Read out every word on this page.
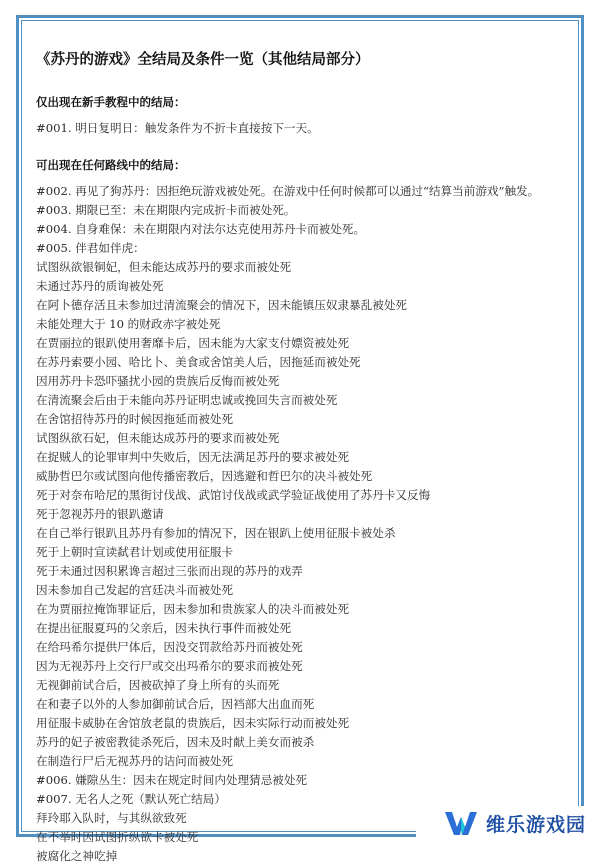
《苏丹的游戏》全结局及条件一览（其他结局部分）
仅出现在新手教程中的结局：
#001. 明日复明日：触发条件为不折卡直接按下一天。
可出现在任何路线中的结局：
#002. 再见了狗苏丹：因拒绝玩游戏被处死。在游戏中任何时候都可以通过“结算当前游戏”触发。
#003. 期限已至：未在期限内完成折卡而被处死。
#004. 自身难保：未在期限内对法尔达克使用苏丹卡而被处死。
#005. 伴君如伴虎：
试图纵欲银铜妃，但未能达成苏丹的要求而被处死
未通过苏丹的质询被处死
在阿卜德存活且未参加过清流聚会的情况下，因未能镇压奴隶暴乱被处死
未能处理大于 10 的财政赤字被处死
在贾丽拉的银趴使用奢靡卡后，因未能为大家支付嫖资被处死
在苏丹索要小园、哈比卜、美食或舍馆美人后，因拖延而被处死
因用苏丹卡恐吓骚扰小园的贵族后反悔而被处死
在清流聚会后由于未能向苏丹证明忠诚或挽回失言而被处死
在舍馆招待苏丹的时候因拖延而被处死
试图纵欲石妃，但未能达成苏丹的要求而被处死
在捉贼人的论罪审判中失败后，因无法满足苏丹的要求被处死
威胁哲巴尔或试图向他传播密教后，因逃避和哲巴尔的决斗被处死
死于对奈布哈尼的黑街讨伐战、武馆讨伐战或武学验证战使用了苏丹卡又反悔
死于忽视苏丹的银趴邀请
在自己举行银趴且苏丹有参加的情况下，因在银趴上使用征服卡被处杀
死于上朝时宣读弑君计划或使用征服卡
死于未通过因积累谗言超过三张而出现的苏丹的戏弄
因未参加自己发起的宫廷决斗而被处死
在为贾丽拉掩饰罪证后，因未参加和贵族家人的决斗而被处死
在提出征服夏玛的父亲后，因未执行事件而被处死
在给玛希尔提供尸体后，因没交罚款给苏丹而被处死
因为无视苏丹上交行尸或交出玛希尔的要求而被处死
无视御前试合后，因被砍掉了身上所有的头而死
在和妻子以外的人参加御前试合后，因裆部大出血而死
用征服卡威胁在舍馆放老鼠的贵族后，因未实际行动而被处死
苏丹的妃子被密教徒杀死后，因未及时献上美女而被杀
在制造行尸后无视苏丹的诘问而被处死
#006. 嫌隙丛生：因未在规定时间内处理猜忌被处死
#007. 无名人之死（默认死亡结局）
拜玲耶入队时，与其纵欲致死
在不举时因试图折纵欲卡被处死
被腐化之神吃掉
维乐游戏园
